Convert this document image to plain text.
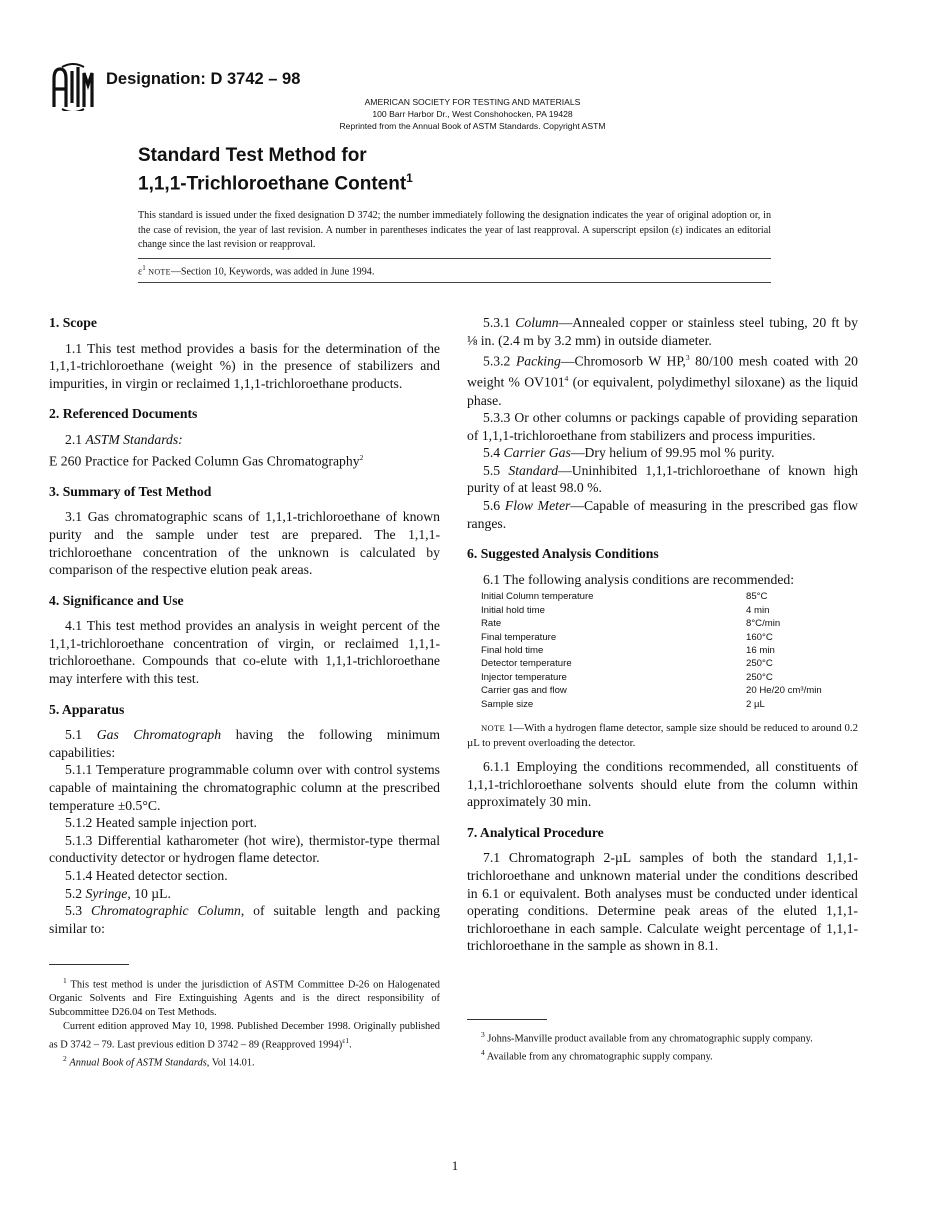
Designation: D 3742 – 98
AMERICAN SOCIETY FOR TESTING AND MATERIALS
100 Barr Harbor Dr., West Conshohocken, PA 19428
Reprinted from the Annual Book of ASTM Standards. Copyright ASTM
Standard Test Method for
1,1,1-Trichloroethane Content$^1$
This standard is issued under the fixed designation D 3742; the number immediately following the designation indicates the year of original adoption or, in the case of revision, the year of last revision. A number in parentheses indicates the year of last reapproval. A superscript epsilon (ε) indicates an editorial change since the last revision or reapproval.
$\varepsilon^1$ NOTE—Section 10, Keywords, was added in June 1994.
1. Scope

1.1 This test method provides a basis for the determination of the 1,1,1-trichloroethane (weight %) in the presence of stabilizers and impurities, in virgin or reclaimed 1,1,1-trichloroethane products.

2. Referenced Documents

2.1 ASTM Standards:

E 260 Practice for Packed Column Gas Chromatography$^2$

3. Summary of Test Method

3.1 Gas chromatographic scans of 1,1,1-trichloroethane of known purity and the sample under test are prepared. The 1,1,1-trichloroethane concentration of the unknown is calculated by comparison of the respective elution peak areas.

4. Significance and Use

4.1 This test method provides an analysis in weight percent of the 1,1,1-trichloroethane concentration of virgin, or reclaimed 1,1,1-trichloroethane. Compounds that co-elute with 1,1,1-trichloroethane may interfere with this test.

5. Apparatus

5.1 Gas Chromatograph having the following minimum capabilities:

5.1.1 Temperature programmable column over with control systems capable of maintaining the chromatographic column at the prescribed temperature ±0.5°C.

5.1.2 Heated sample injection port.

5.1.3 Differential katharometer (hot wire), thermistor-type thermal conductivity detector or hydrogen flame detector.

5.1.4 Heated detector section.

5.2 Syringe, 10 µL.

5.3 Chromatographic Column, of suitable length and packing similar to:

$^1$ This test method is under the jurisdiction of ASTM Committee D-26 on Halogenated Organic Solvents and Fire Extinguishing Agents and is the direct responsibility of Subcommittee D26.04 on Test Methods.

Current edition approved May 10, 1998. Published December 1998. Originally published as D 3742 – 79. Last previous edition D 3742 – 89 (Reapproved 1994)$^{\varepsilon 1}$.

$^2$ Annual Book of ASTM Standards, Vol 14.01.

5.3.1 Column—Annealed copper or stainless steel tubing, 20 ft by ⅛ in. (2.4 m by 3.2 mm) in outside diameter.

5.3.2 Packing—Chromosorb W HP,$^3$ 80/100 mesh coated with 20 weight % $OV101^4$ (or equivalent, polydimethyl siloxane) as the liquid phase.

5.3.3 Or other columns or packings capable of providing separation of 1,1,1-trichloroethane from stabilizers and process impurities.

5.4 Carrier Gas—Dry helium of 99.95 mol % purity.

5.5 Standard—Uninhibited 1,1,1-trichloroethane of known high purity of at least 98.0 %.

5.6 Flow Meter—Capable of measuring in the prescribed gas flow ranges.

6. Suggested Analysis Conditions

6.1 The following analysis conditions are recommended:

Initial Column temperature	85°C
Initial hold time	4 min
Rate	8°C/min
Final temperature	160°C
Final hold time	16 min
Detector temperature	250°C
Injector temperature	250°C
Carrier gas and flow	20 He/20 cm³/min
Sample size	2 µL

NOTE 1—With a hydrogen flame detector, sample size should be reduced to around 0.2 µL to prevent overloading the detector.

6.1.1 Employing the conditions recommended, all constituents of 1,1,1-trichloroethane solvents should elute from the column within approximately 30 min.

7. Analytical Procedure

7.1 Chromatograph 2-µL samples of both the standard 1,1,1-trichloroethane and unknown material under the conditions described in 6.1 or equivalent. Both analyses must be conducted under identical operating conditions. Determine peak areas of the eluted 1,1,1-trichloroethane in each sample. Calculate weight percentage of 1,1,1-trichloroethane in the sample as shown in 8.1.

$^3$ Johns-Manville product available from any chromatographic supply company.

$^4$ Available from any chromatographic supply company.

1
